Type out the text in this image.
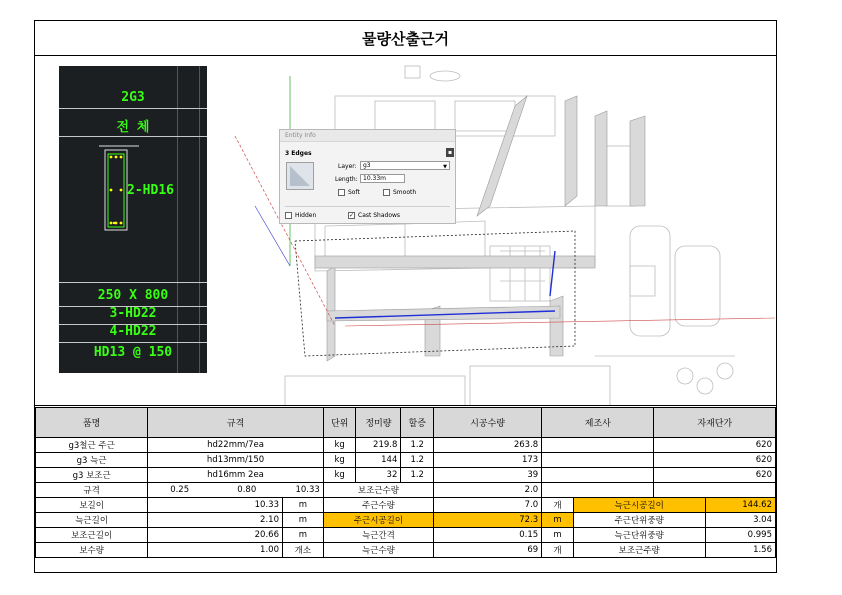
물량산출근거
2G3
전 체
2-HD16
250 X 800
3-HD22
4-HD22
HD13 @ 150
Entity Info
3 Edges	▪
Layer:	g3	▼
Length: 10.33m
Soft	Smooth
Hidden	✓ Cast Shadows
품명	규격			단위	정미량	할증	시공수량	제조사		자재단가	
g3철근 주근	hd22mm/7ea			kg	219.8	1.2	263.8			620	
g3 늑근	hd13mm/150			kg	144	1.2	173			620	
g3 보조근	hd16mm 2ea			kg	32	1.2	39			620	
규격	0.25	0.80	10.33	보조근수량			2.0				
보길이	10.33		m	주근수량			7.0	개	늑근시공길이		144.62
늑근길이	2.10		m	주근시공길이			72.3	m	주근단위중량		3.04
보조근길이	20.66		m	늑근간격			0.15	m	늑근단위중량		0.995
보수량	1.00		개소	늑근수량			69	개	보조근주량		1.56
